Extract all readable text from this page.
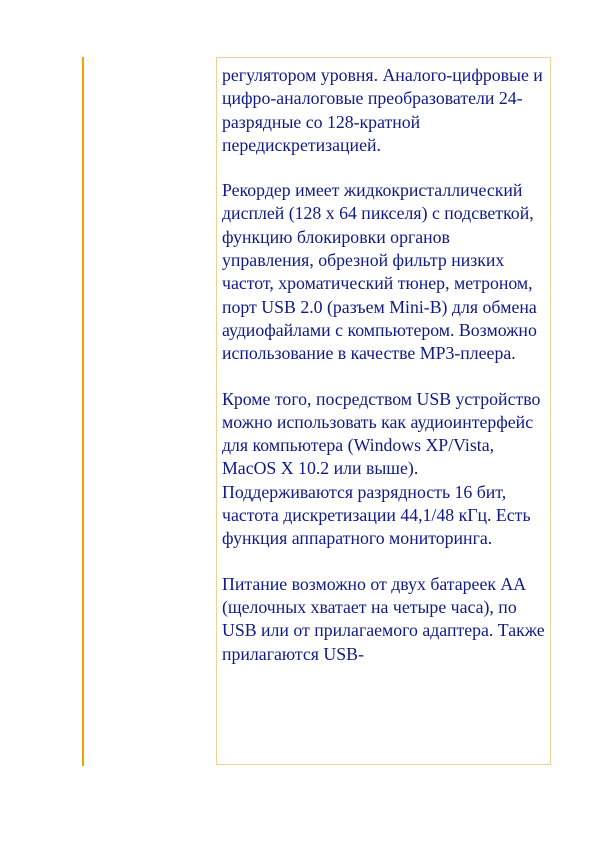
регулятором уровня. Аналого-цифровые и цифро-аналоговые преобразователи 24-разрядные со 128-кратной передискретизацией.

Рекордер имеет жидкокристаллический дисплей (128 x 64 пикселя) с подсветкой, функцию блокировки органов управления, обрезной фильтр низких частот, хроматический тюнер, метроном, порт USB 2.0 (разъем Mini-B) для обмена аудиофайлами с компьютером. Возможно использование в качестве MP3-плеера.

Кроме того, посредством USB устройство можно использовать как аудиоинтерфейс для компьютера (Windows XP/Vista, MacOS X 10.2 или выше). Поддерживаются разрядность 16 бит, частота дискретизации 44,1/48 кГц. Есть функция аппаратного мониторинга.

Питание возможно от двух батареек AA (щелочных хватает на четыре часа), по USB или от прилагаемого адаптера. Также прилагаются USB-
